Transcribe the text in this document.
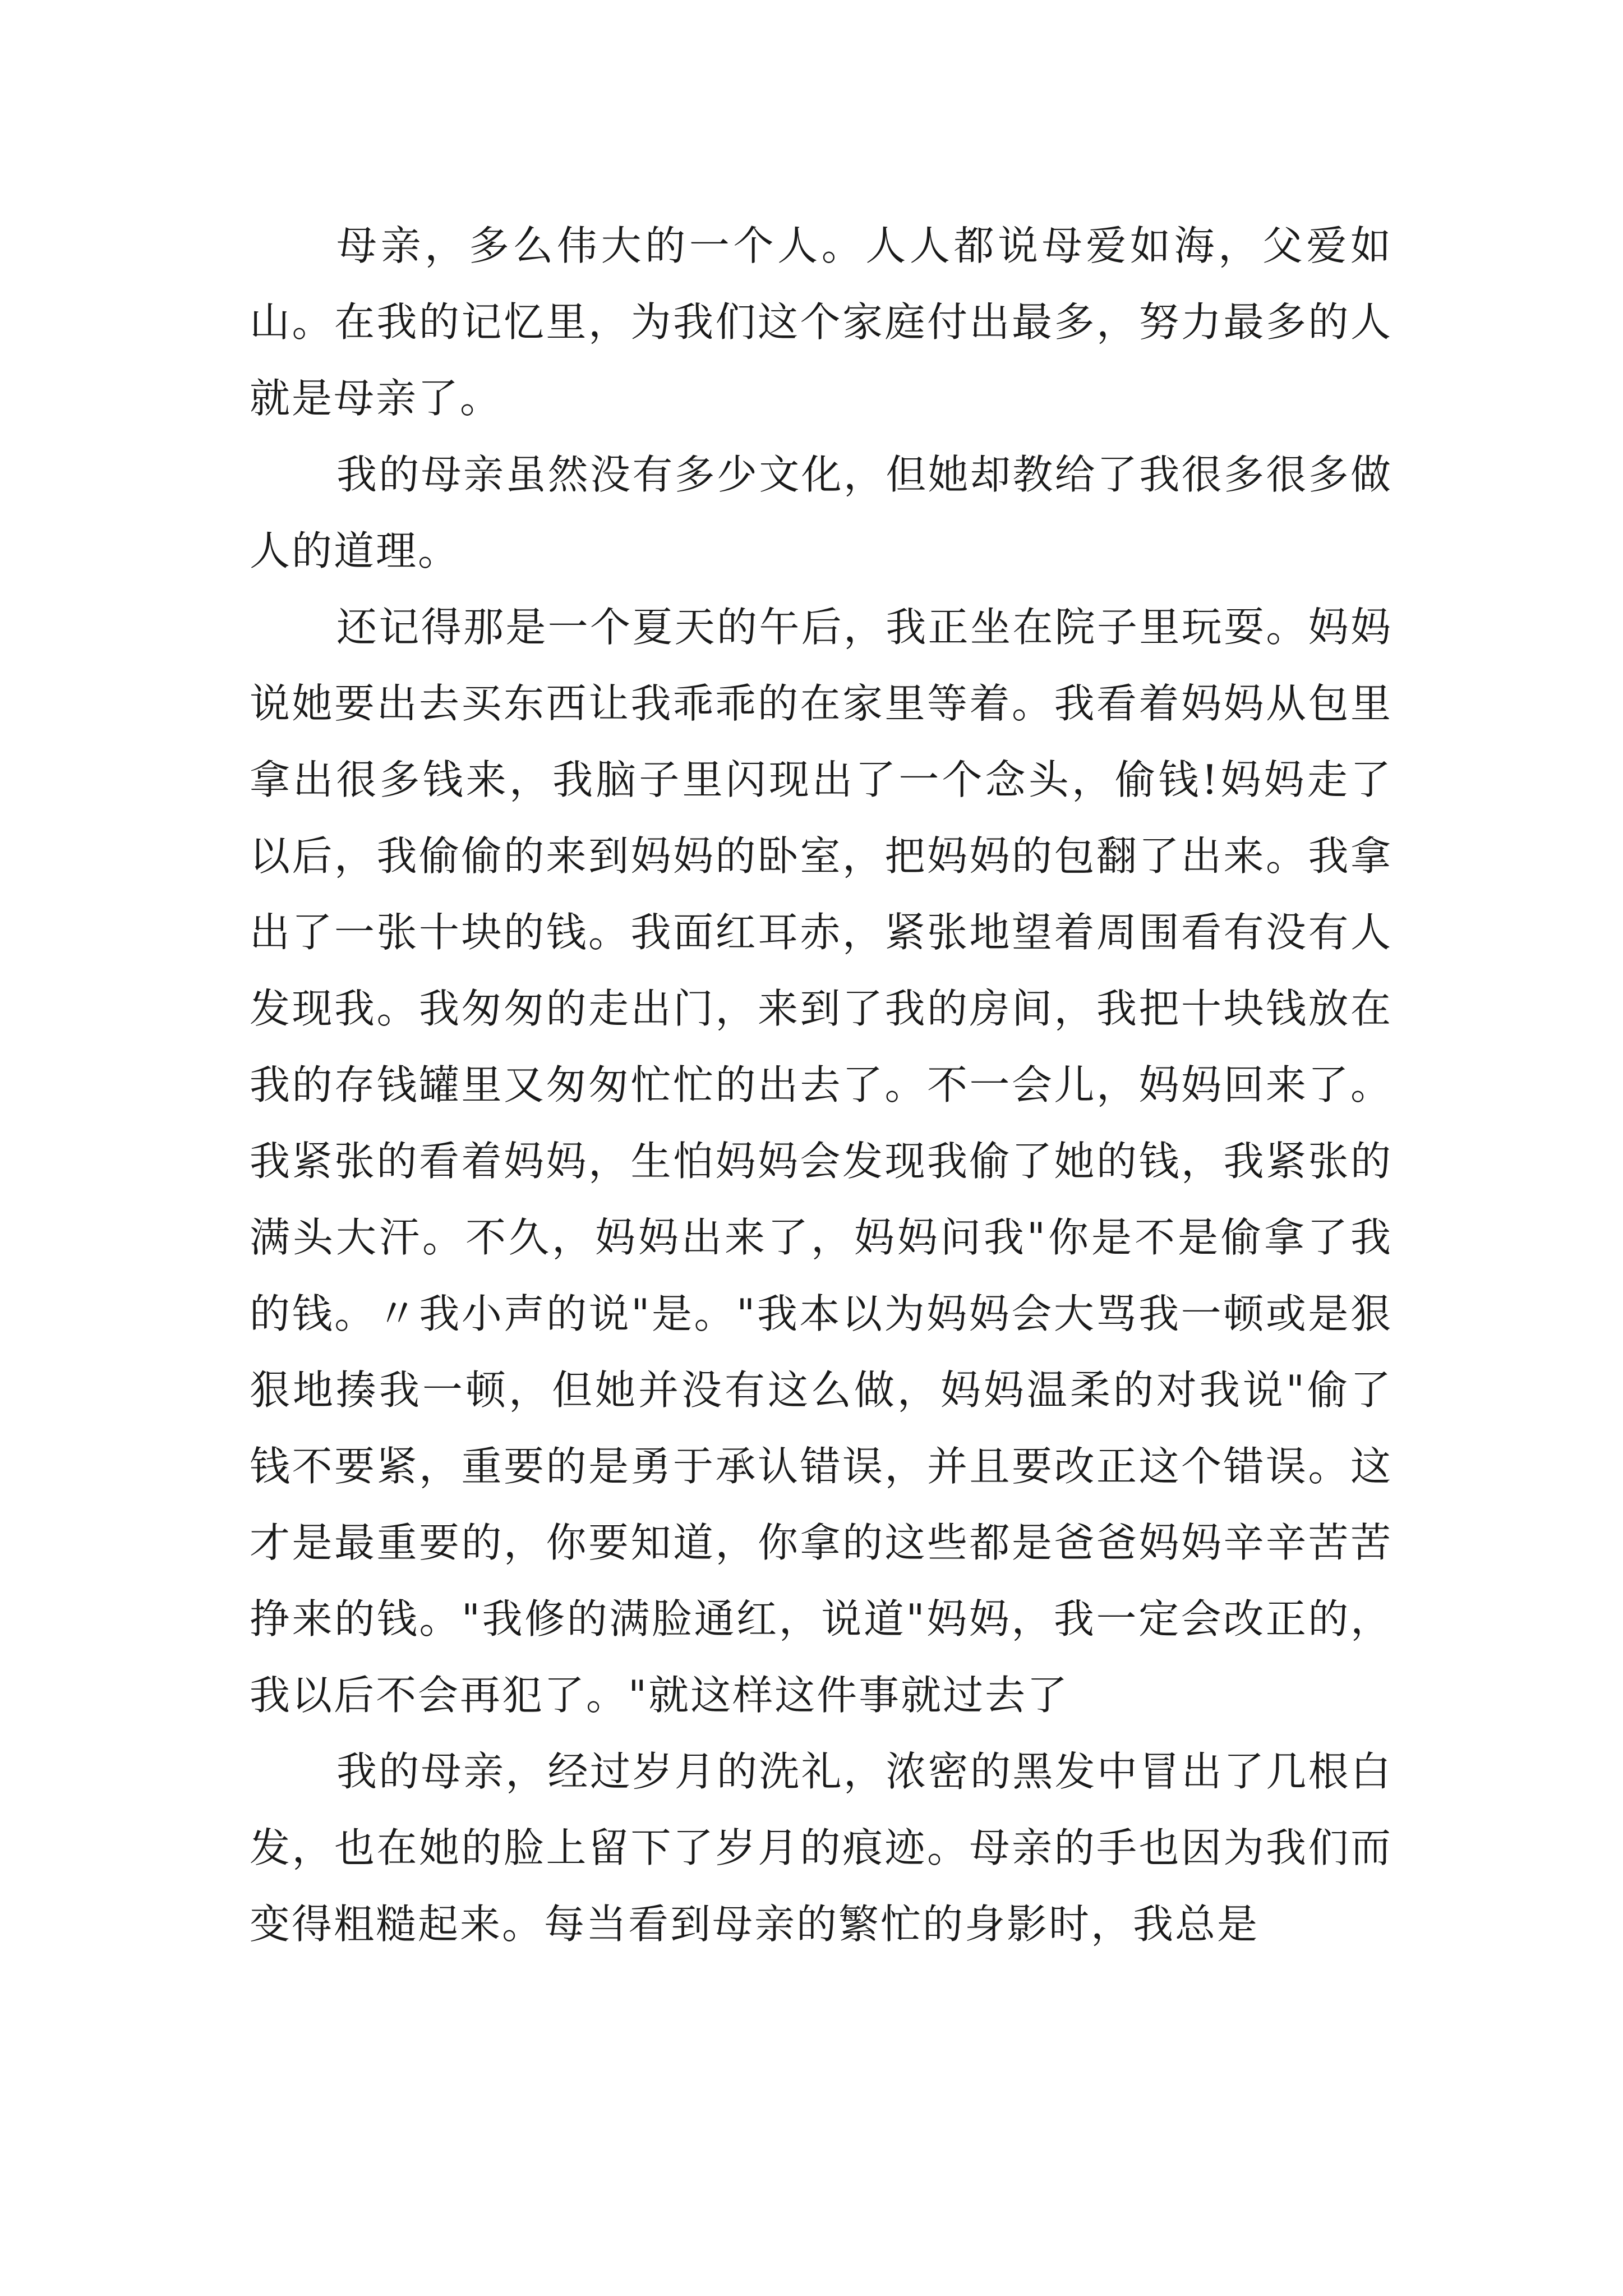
母亲，多么伟大的一个人。人人都说母爱如海，父爱如山。在我的记忆里，为我们这个家庭付出最多，努力最多的人就是母亲了。

我的母亲虽然没有多少文化，但她却教给了我很多很多做人的道理。

还记得那是一个夏天的午后，我正坐在院子里玩耍。妈妈说她要出去买东西让我乖乖的在家里等着。我看着妈妈从包里拿出很多钱来，我脑子里闪现出了一个念头，偷钱!妈妈走了以后，我偷偷的来到妈妈的卧室，把妈妈的包翻了出来。我拿出了一张十块的钱。我面红耳赤，紧张地望着周围看有没有人发现我。我匆匆的走出门，来到了我的房间，我把十块钱放在我的存钱罐里又匆匆忙忙的出去了。不一会儿，妈妈回来了。我紧张的看着妈妈，生怕妈妈会发现我偷了她的钱，我紧张的满头大汗。不久，妈妈出来了，妈妈问我"你是不是偷拿了我的钱。〃我小声的说"是。"我本以为妈妈会大骂我一顿或是狠狠地揍我一顿，但她并没有这么做，妈妈温柔的对我说"偷了钱不要紧，重要的是勇于承认错误，并且要改正这个错误。这才是最重要的，你要知道，你拿的这些都是爸爸妈妈辛辛苦苦挣来的钱。"我修的满脸通红，说道"妈妈，我一定会改正的，我以后不会再犯了。"就这样这件事就过去了

我的母亲，经过岁月的洗礼，浓密的黑发中冒出了几根白发，也在她的脸上留下了岁月的痕迹。母亲的手也因为我们而变得粗糙起来。每当看到母亲的繁忙的身影时，我总是
